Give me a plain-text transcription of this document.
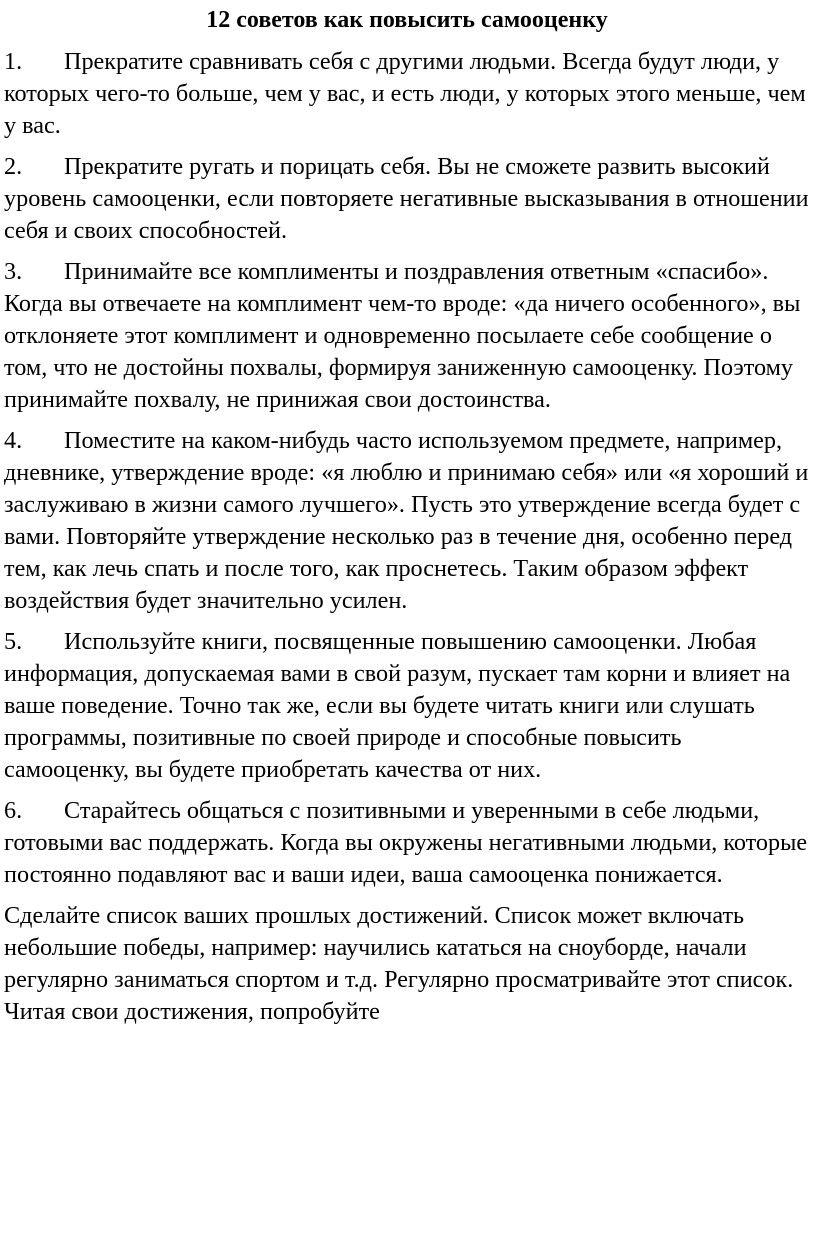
12 советов как повысить самооценку
1. Прекратите сравнивать себя с другими людьми. Всегда будут люди, у которых чего-то больше, чем у вас, и есть люди, у которых этого меньше, чем у вас.
2. Прекратите ругать и порицать себя. Вы не сможете развить высокий уровень самооценки, если повторяете негативные высказывания в отношении себя и своих способностей.
3. Принимайте все комплименты и поздравления ответным «спасибо». Когда вы отвечаете на комплимент чем-то вроде: «да ничего особенного», вы отклоняете этот комплимент и одновременно посылаете себе сообщение о том, что не достойны похвалы, формируя заниженную самооценку. Поэтому принимайте похвалу, не принижая свои достоинства.
4. Поместите на каком-нибудь часто используемом предмете, например, дневнике, утверждение вроде: «я люблю и принимаю себя» или «я хороший и заслуживаю в жизни самого лучшего». Пусть это утверждение всегда будет с вами. Повторяйте утверждение несколько раз в течение дня, особенно перед тем, как лечь спать и после того, как проснетесь. Таким образом эффект воздействия будет значительно усилен.
5. Используйте книги, посвященные повышению самооценки. Любая информация, допускаемая вами в свой разум, пускает там корни и влияет на ваше поведение. Точно так же, если вы будете читать книги или слушать программы, позитивные по своей природе и способные повысить самооценку, вы будете приобретать качества от них.
6. Старайтесь общаться с позитивными и уверенными в себе людьми, готовыми вас поддержать. Когда вы окружены негативными людьми, которые постоянно подавляют вас и ваши идеи, ваша самооценка понижается.

Сделайте список ваших прошлых достижений. Список может включать небольшие победы, например: научились кататься на сноуборде, начали регулярно заниматься спортом и т.д. Регулярно просматривайте этот список. Читая свои достижения, попробуйте
